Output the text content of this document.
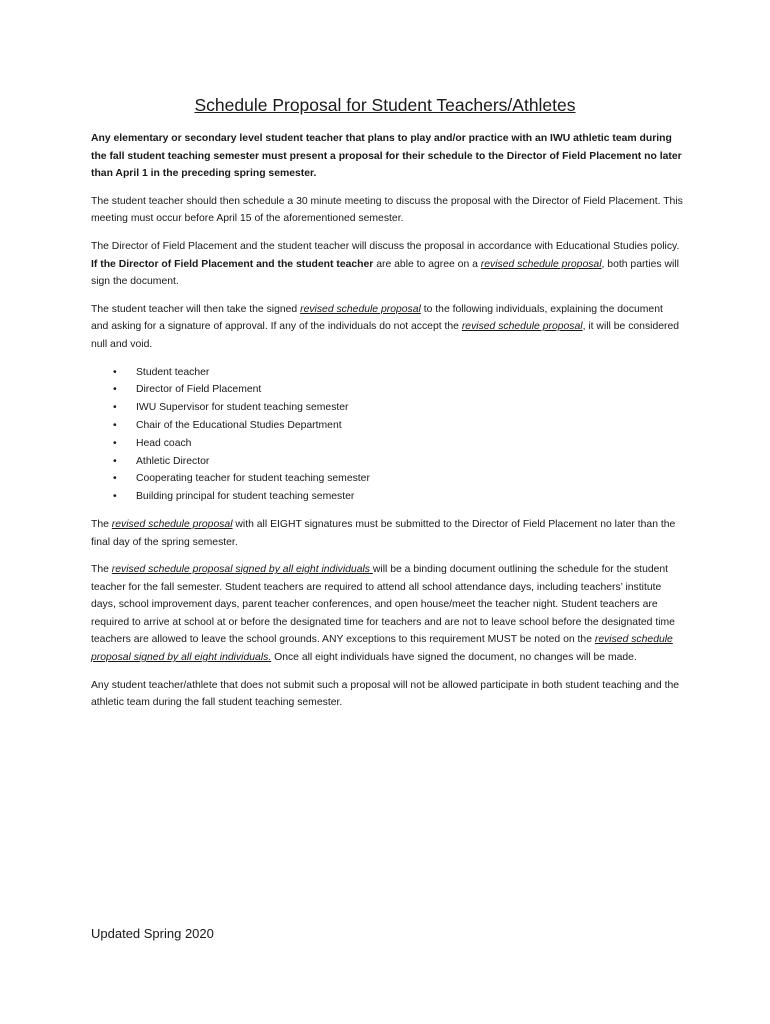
Schedule Proposal for Student Teachers/Athletes

Any elementary or secondary level student teacher that plans to play and/or practice with an IWU athletic team during the fall student teaching semester must present a proposal for their schedule to the Director of Field Placement no later than April 1 in the preceding spring semester.

The student teacher should then schedule a 30 minute meeting to discuss the proposal with the Director of Field Placement. This meeting must occur before April 15 of the aforementioned semester.

The Director of Field Placement and the student teacher will discuss the proposal in accordance with Educational Studies policy. If the Director of Field Placement and the student teacher are able to agree on a revised schedule proposal, both parties will sign the document.

The student teacher will then take the signed revised schedule proposal to the following individuals, explaining the document and asking for a signature of approval. If any of the individuals do not accept the revised schedule proposal, it will be considered null and void.

• Student teacher
• Director of Field Placement
• IWU Supervisor for student teaching semester
• Chair of the Educational Studies Department
• Head coach
• Athletic Director
• Cooperating teacher for student teaching semester
• Building principal for student teaching semester

The revised schedule proposal with all EIGHT signatures must be submitted to the Director of Field Placement no later than the final day of the spring semester.

The revised schedule proposal signed by all eight individuals will be a binding document outlining the schedule for the student teacher for the fall semester. Student teachers are required to attend all school attendance days, including teachers’ institute days, school improvement days, parent teacher conferences, and open house/meet the teacher night. Student teachers are required to arrive at school at or before the designated time for teachers and are not to leave school before the designated time teachers are allowed to leave the school grounds. ANY exceptions to this requirement MUST be noted on the revised schedule proposal signed by all eight individuals. Once all eight individuals have signed the document, no changes will be made.

Any student teacher/athlete that does not submit such a proposal will not be allowed participate in both student teaching and the athletic team during the fall student teaching semester.

Updated Spring 2020
